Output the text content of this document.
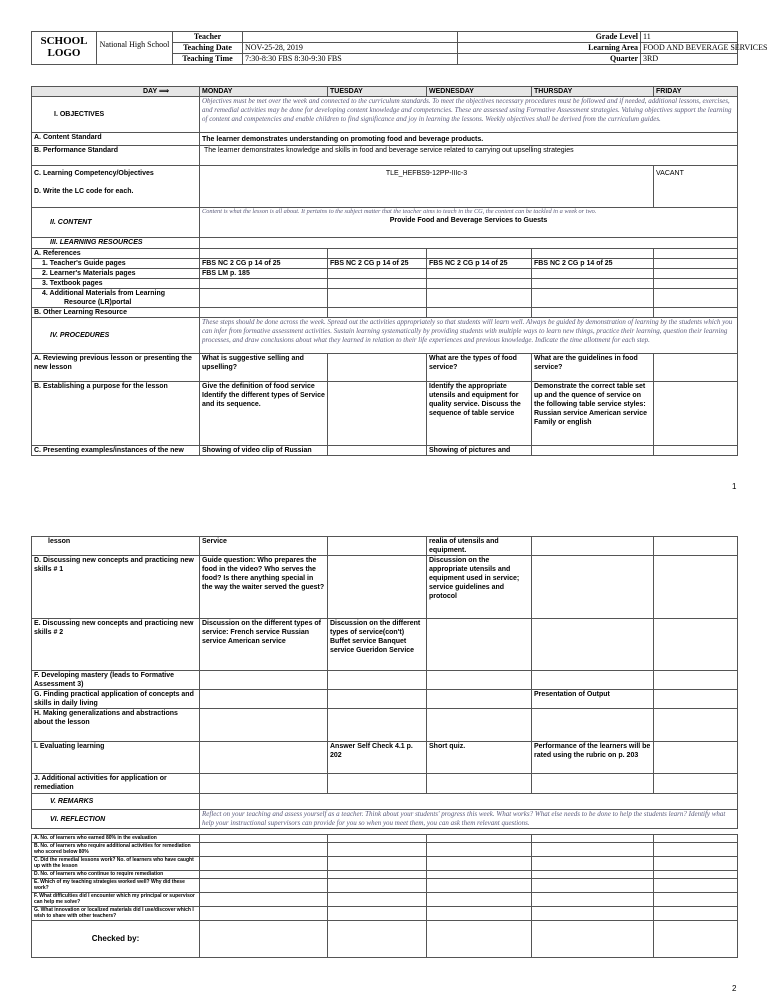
SCHOOL LOGO	National High School	Teacher		Grade Level	11
		Teaching Date	NOV-25-28, 2019	Learning Area	FOOD AND BEVERAGE SERVICES
		Teaching Time	7:30-8:30 FBS 8:30-9:30 FBS	Quarter	3RD
DAY ⟹	MONDAY	TUESDAY	WEDNESDAY	THURSDAY	FRIDAY
I. OBJECTIVES	Objectives must be met over the week and connected to the curriculum standards. To meet the objectives necessary procedures must be followed and if needed, additional lessons, exercises, and remedial activities may be done for developing content knowledge and competencies. These are assessed using Formative Assessment strategies. Valuing objectives support the learning of content and competencies and enable children to find significance and joy in learning the lessons. Weekly objectives shall be derived from the curriculum guides.				
A. Content Standard	The learner demonstrates understanding on promoting food and beverage products.				
B. Performance Standard	The learner demonstrates knowledge and skills in food and beverage service related to carrying out upselling strategies				

C. Learning Competency/Objectives
D. Write the LC code for each.	TLE_HEFBS9-12PP-IIIc-3				VACANT
II. CONTENT	Content is what the lesson is all about. It pertains to the subject matter that the teacher aims to teach in the CG, the content can be tackled in a week or two.
Provide Food and Beverage Services to Guests				

III. LEARNING RESOURCES					
A. References					
1. Teacher's Guide pages	FBS NC 2 CG p 14 of 25	FBS NC 2 CG p 14 of 25	FBS NC 2 CG p 14 of 25	FBS NC 2 CG p 14 of 25	
2. Learner's Materials pages	FBS LM p. 185				
3. Textbook pages					

4. Additional Materials from Learning
Resource (LR)portal					

B. Other Learning Resource					
IV. PROCEDURES	These steps should be done across the week. Spread out the activities appropriately so that students will learn well. Always be guided by demonstration of learning by the students which you can infer from formative assessment activities. Sustain learning systematically by providing students with multiple ways to learn new things, practice their learning, question their learning processes, and draw conclusions about what they learned in relation to their life experiences and previous knowledge. Indicate the time allotment for each step.				
A. Reviewing previous lesson or presenting the new lesson	What is suggestive selling and upselling?		What are the types of food service?	What are the guidelines in food service?	
B. Establishing a purpose for the lesson	Give the definition of food service Identify the different types of Service and its sequence.		Identify the appropriate utensils and equipment for quality service. Discuss the sequence of table service	Demonstrate the correct table set up and the quence of service on the following table service styles: Russian service American service Family or english	
C. Presenting examples/instances of the new	Showing of video clip of Russian		Showing of pictures and		
1
lesson	Service		realia of utensils and equipment.		
D. Discussing new concepts and practicing new skills # 1	Guide question: Who prepares the food in the video? Who serves the food? Is there anything special in the way the waiter served the guest?		Discussion on the appropriate utensils and equipment used in service; service guidelines and protocol		
E. Discussing new concepts and practicing new skills # 2	Discussion on the different types of service: French service Russian service American service	Discussion on the different types of service(con't) Buffet service Banquet service Gueridon Service			
F. Developing mastery (leads to Formative Assessment 3)					
G. Finding practical application of concepts and skills in daily living				Presentation of Output	
H. Making generalizations and abstractions about the lesson					
I. Evaluating learning		Answer Self Check 4.1 p. 202	Short quiz.	Performance of the learners will be rated using the rubric on p. 203	
J. Additional activities for application or remediation					
V. REMARKS					
VI. REFLECTION	Reflect on your teaching and assess yourself as a teacher. Think about your students' progress this week. What works? What else needs to be done to help the students learn? Identify what help your instructional supervisors can provide for you so when you meet them, you can ask them relevant questions.				
A. No. of learners who earned 80% in the evaluation					
B. No. of learners who require additional activities for remediation who scored below 80%					
C. Did the remedial lessons work? No. of learners who have caught up with the lesson					
D. No. of learners who continue to require remediation					
E. Which of my teaching strategies worked well? Why did these work?					
F. What difficulties did I encounter which my principal or supervisor can help me solve?					
G. What innovation or localized materials did I use/discover which I wish to share with other teachers?					
Checked by:					
2
